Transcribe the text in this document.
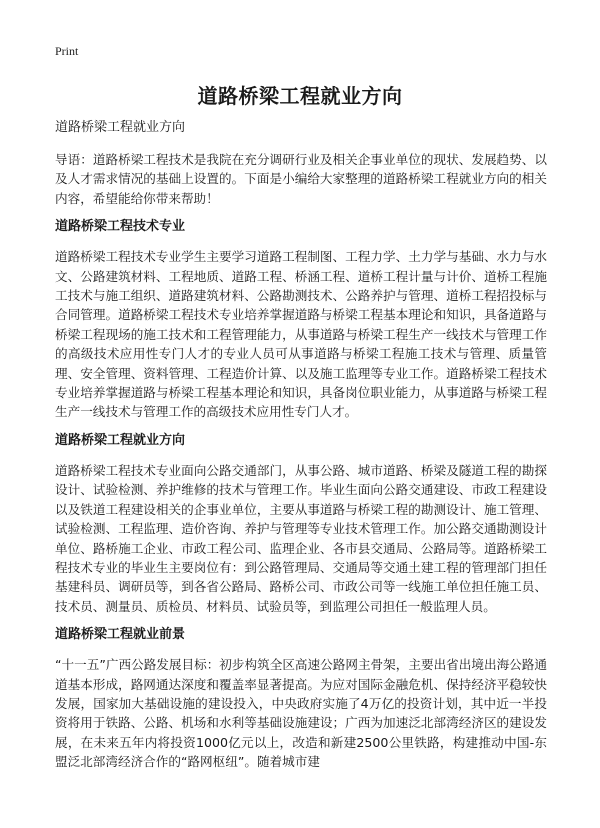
Print
道路桥梁工程就业方向

道路桥梁工程就业方向

导语：道路桥梁工程技术是我院在充分调研行业及相关企事业单位的现状、发展趋势、以及人才需求情况的基础上设置的。下面是小编给大家整理的道路桥梁工程就业方向的相关内容，希望能给你带来帮助！

道路桥梁工程技术专业

道路桥梁工程技术专业学生主要学习道路工程制图、工程力学、土力学与基础、水力与水文、公路建筑材料、工程地质、道路工程、桥涵工程、道桥工程计量与计价、道桥工程施工技术与施工组织、道路建筑材料、公路勘测技术、公路养护与管理、道桥工程招投标与合同管理。道路桥梁工程技术专业培养掌握道路与桥梁工程基本理论和知识，具备道路与桥梁工程现场的施工技术和工程管理能力，从事道路与桥梁工程生产一线技术与管理工作的高级技术应用性专门人才的专业人员可从事道路与桥梁工程施工技术与管理、质量管理、安全管理、资料管理、工程造价计算、以及施工监理等专业工作。道路桥梁工程技术专业培养掌握道路与桥梁工程基本理论和知识，具备岗位职业能力，从事道路与桥梁工程生产一线技术与管理工作的高级技术应用性专门人才。

道路桥梁工程就业方向

道路桥梁工程技术专业面向公路交通部门，从事公路、城市道路、桥梁及隧道工程的勘探设计、试验检测、养护维修的技术与管理工作。毕业生面向公路交通建设、市政工程建设以及铁道工程建设相关的企事业单位，主要从事道路与桥梁工程的勘测设计、施工管理、试验检测、工程监理、造价咨询、养护与管理等专业技术管理工作。加公路交通勘测设计单位、路桥施工企业、市政工程公司、监理企业、各市县交通局、公路局等。道路桥梁工程技术专业的毕业生主要岗位有：到公路管理局、交通局等交通土建工程的管理部门担任基建科员、调研员等，到各省公路局、路桥公司、市政公司等一线施工单位担任施工员、技术员、测量员、质检员、材料员、试验员等，到监理公司担任一般监理人员。

道路桥梁工程就业前景

“十一五”广西公路发展目标：初步构筑全区高速公路网主骨架，主要出省出境出海公路通道基本形成，路网通达深度和覆盖率显著提高。为应对国际金融危机、保持经济平稳较快发展，国家加大基础设施的建设投入，中央政府实施了4万亿的投资计划，其中近一半投资将用于铁路、公路、机场和水利等基础设施建设；广西为加速泛北部湾经济区的建设发展，在未来五年内将投资1000亿元以上，改造和新建2500公里铁路，构建推动中国-东盟泛北部湾经济合作的“路网枢纽”。随着城市建
